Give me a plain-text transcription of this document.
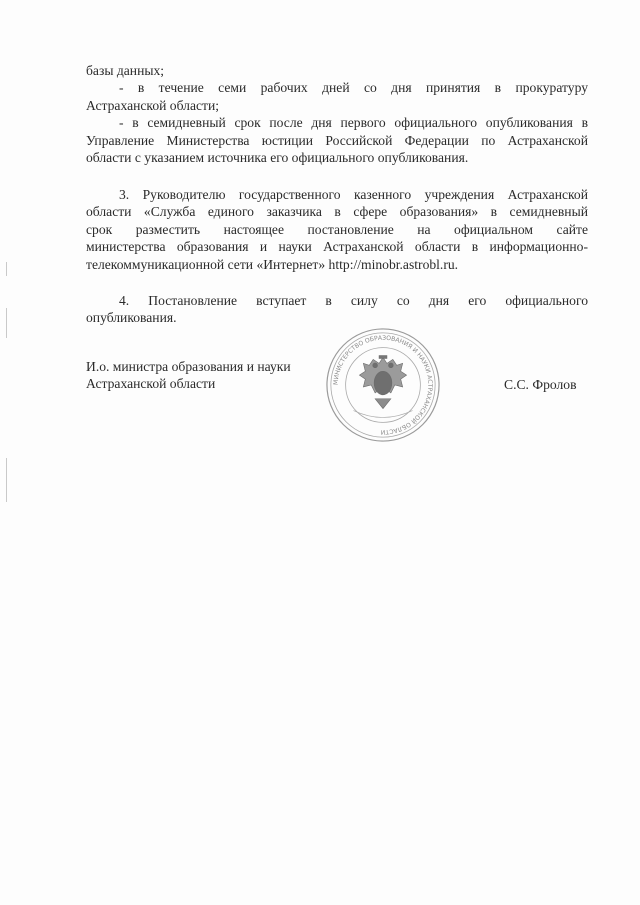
базы данных;
- в течение семи рабочих дней со дня принятия в прокуратуру
Астраханской области;
- в семидневный срок после дня первого официального опубликования в
Управление Министерства юстиции Российской Федерации по Астраханской
области с указанием источника его официального опубликования.
3. Руководителю государственного казенного учреждения Астраханской
области «Служба единого заказчика в сфере образования» в семидневный
срок разместить настоящее постановление на официальном сайте
министерства образования и науки Астраханской области в информационно-
телекоммуникационной сети «Интернет» http://minobr.astrobl.ru.
4. Постановление вступает в силу со дня его официального
опубликования.
МИНИСТЕРСТВО ОБРАЗОВАНИЯ И НАУКИ АСТРАХАНСКОЙ ОБЛАСТИ
И.о. министра образования и науки
Астраханской области	С.С. Фролов
